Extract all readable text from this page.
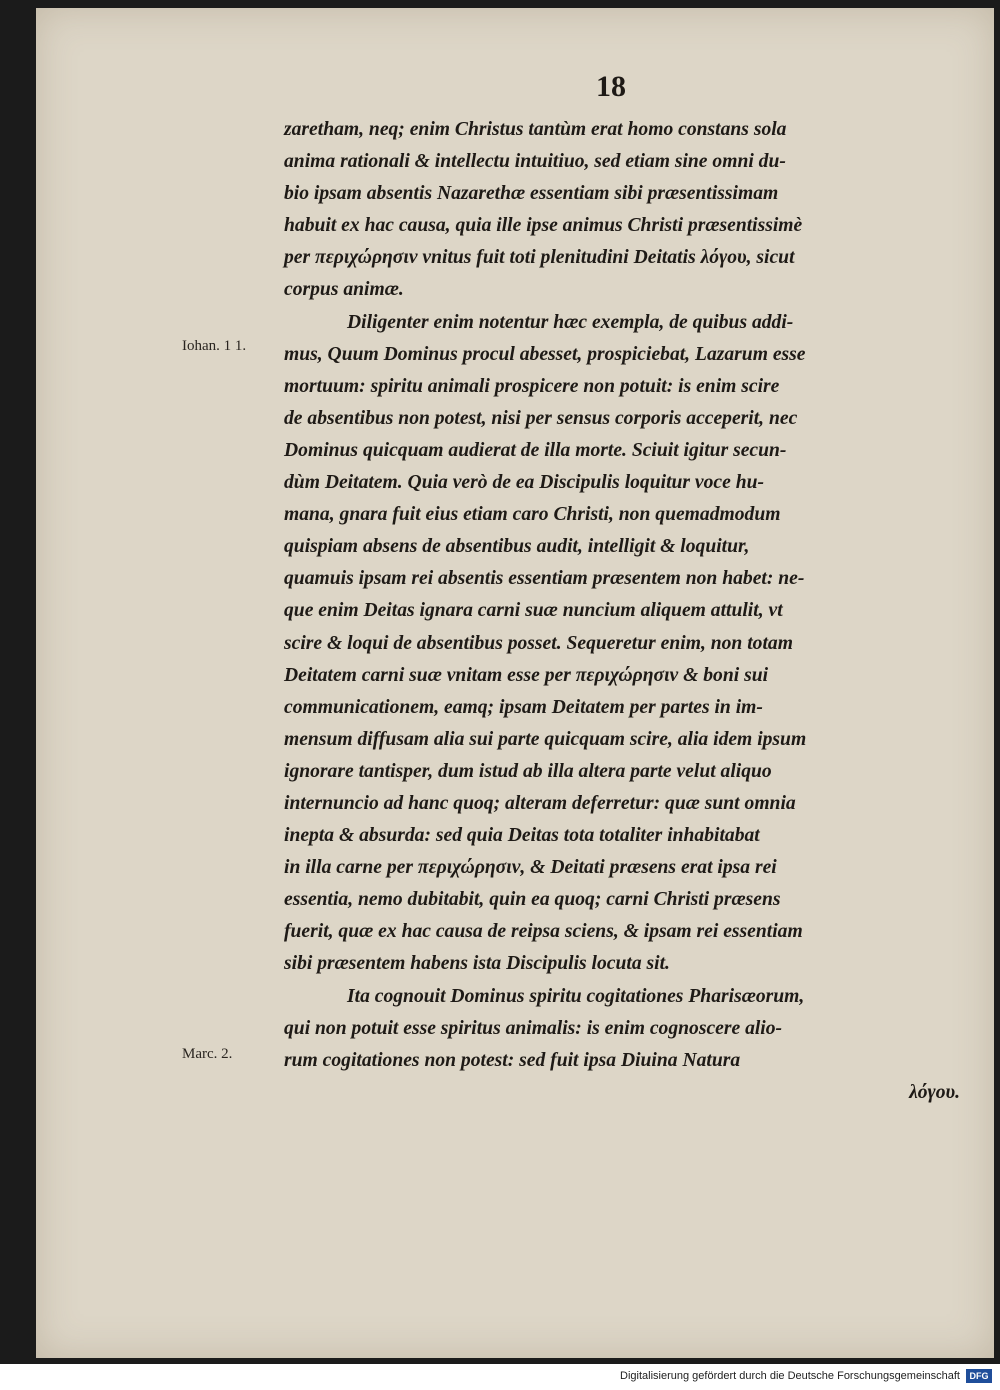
18
Iohan. 1 1.
Marc. 2.
zaretham, neq; enim Christus tantùm erat homo constans sola
anima rationali & intellectu intuitiuo, sed etiam sine omni du-
bio ipsam absentis Nazarethæ essentiam sibi præsentissimam
habuit ex hac causa, quia ille ipse animus Christi præsentissimè
per περιχώρησιν vnitus fuit toti plenitudini Deitatis λόγου, sicut
corpus animæ.
Diligenter enim notentur hæc exempla, de quibus addi-
mus, Quum Dominus procul abesset, prospiciebat, Lazarum esse
mortuum: spiritu animali prospicere non potuit: is enim scire
de absentibus non potest, nisi per sensus corporis acceperit, nec
Dominus quicquam audierat de illa morte. Sciuit igitur secun-
dùm Deitatem. Quia verò de ea Discipulis loquitur voce hu-
mana, gnara fuit eius etiam caro Christi, non quemadmodum
quispiam absens de absentibus audit, intelligit & loquitur,
quamuis ipsam rei absentis essentiam præsentem non habet: ne-
que enim Deitas ignara carni suæ nuncium aliquem attulit, vt
scire & loqui de absentibus posset. Sequeretur enim, non totam
Deitatem carni suæ vnitam esse per περιχώρησιν & boni sui
communicationem, eamq; ipsam Deitatem per partes in im-
mensum diffusam alia sui parte quicquam scire, alia idem ipsum
ignorare tantisper, dum istud ab illa altera parte velut aliquo
internuncio ad hanc quoq; alteram deferretur: quæ sunt omnia
inepta & absurda: sed quia Deitas tota totaliter inhabitabat
in illa carne per περιχώρησιν, & Deitati præsens erat ipsa rei
essentia, nemo dubitabit, quin ea quoq; carni Christi præsens
fuerit, quæ ex hac causa de reipsa sciens, & ipsam rei essentiam
sibi præsentem habens ista Discipulis locuta sit.
Ita cognouit Dominus spiritu cogitationes Pharisæorum,
qui non potuit esse spiritus animalis: is enim cognoscere alio-
rum cogitationes non potest: sed fuit ipsa Diuina Natura
λόγου.
Digitalisierung gefördert durch die Deutsche Forschungsgemeinschaft	DFG
